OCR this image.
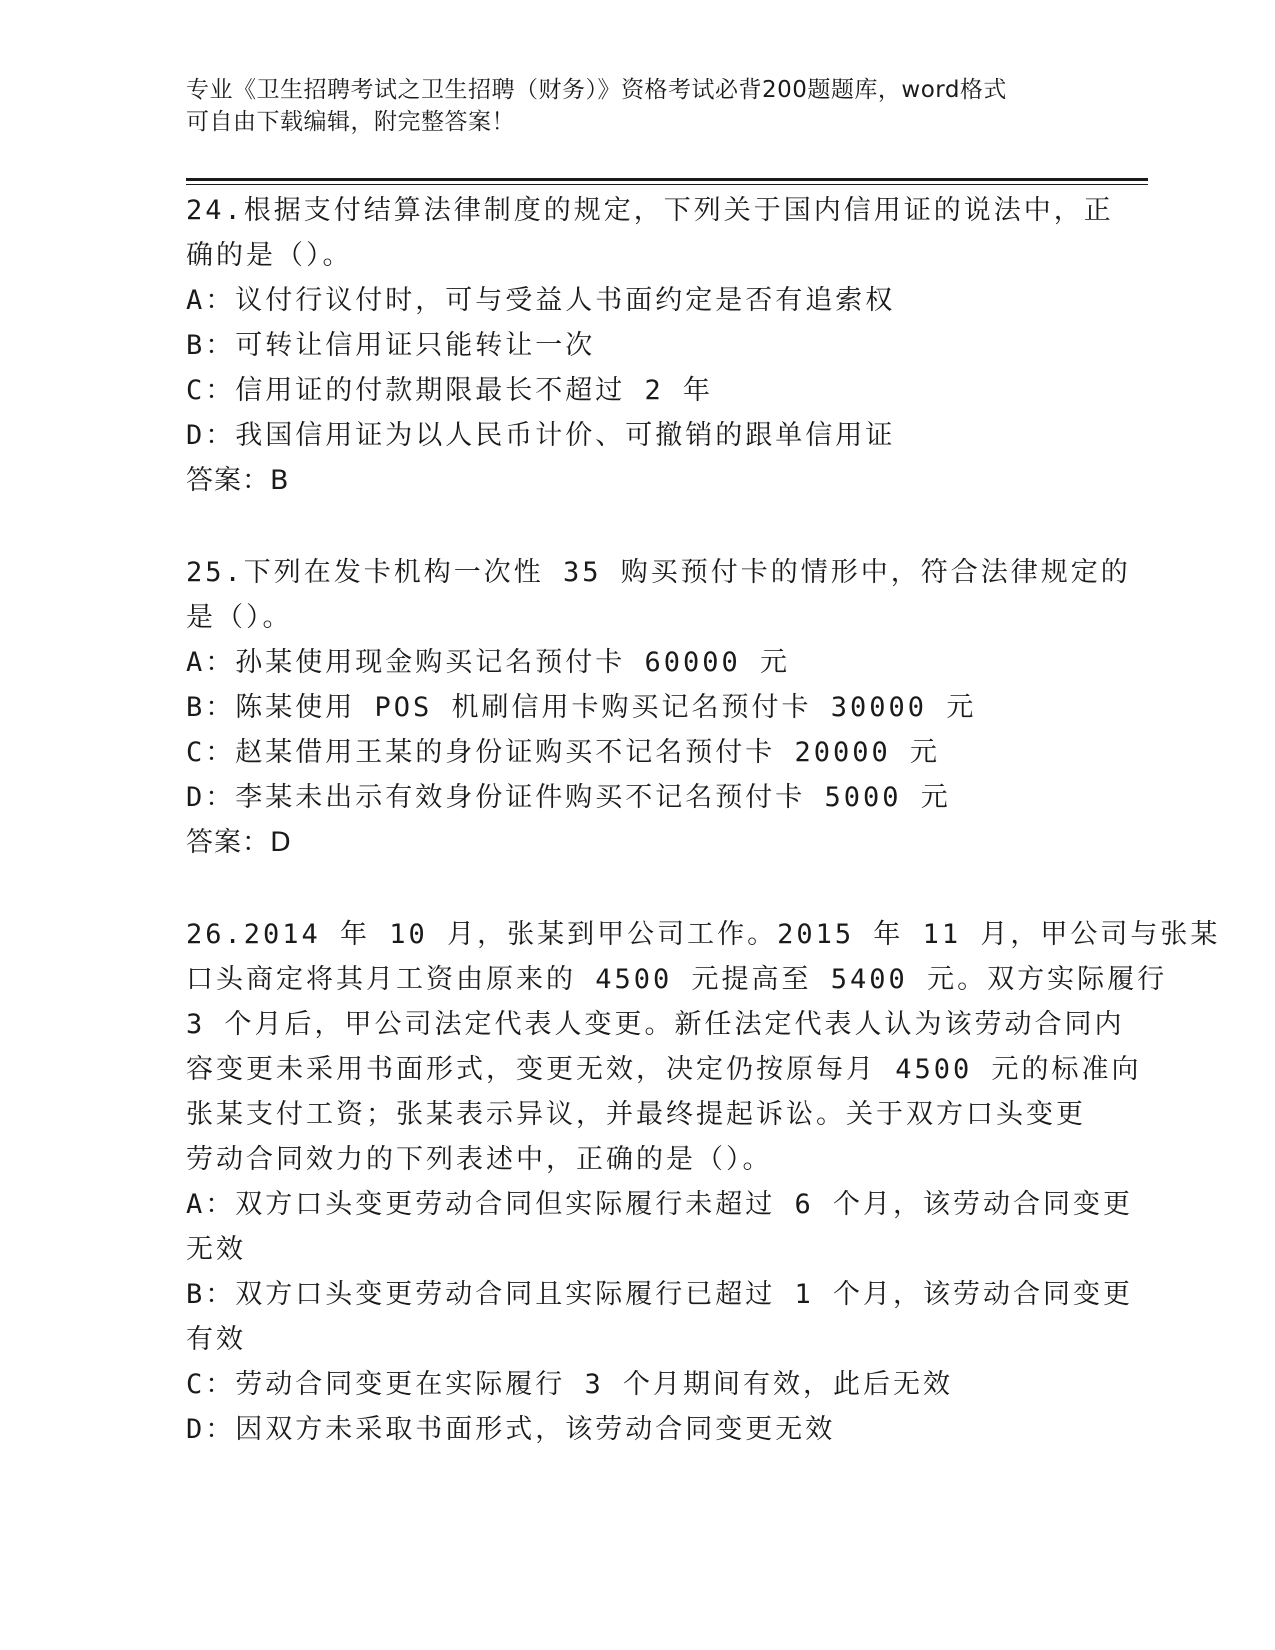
专业《卫生招聘考试之卫生招聘（财务）》资格考试必背200题题库，word格式
可自由下载编辑，附完整答案！
24.根据支付结算法律制度的规定，下列关于国内信用证的说法中，正
确的是（）。
A：议付行议付时，可与受益人书面约定是否有追索权
B：可转让信用证只能转让一次
C：信用证的付款期限最长不超过 2 年
D：我国信用证为以人民币计价、可撤销的跟单信用证
答案：B
25.下列在发卡机构一次性 35 购买预付卡的情形中，符合法律规定的
是（）。
A：孙某使用现金购买记名预付卡 60000 元
B：陈某使用 POS 机刷信用卡购买记名预付卡 30000 元
C：赵某借用王某的身份证购买不记名预付卡 20000 元
D：李某未出示有效身份证件购买不记名预付卡 5000 元
答案：D
26.2014 年 10 月，张某到甲公司工作。2015 年 11 月，甲公司与张某
口头商定将其月工资由原来的 4500 元提高至 5400 元。双方实际履行
3 个月后，甲公司法定代表人变更。新任法定代表人认为该劳动合同内
容变更未采用书面形式，变更无效，决定仍按原每月 4500 元的标准向
张某支付工资；张某表示异议，并最终提起诉讼。关于双方口头变更
劳动合同效力的下列表述中，正确的是（）。
A：双方口头变更劳动合同但实际履行未超过 6 个月，该劳动合同变更
无效
B：双方口头变更劳动合同且实际履行已超过 1 个月，该劳动合同变更
有效
C：劳动合同变更在实际履行 3 个月期间有效，此后无效
D：因双方未采取书面形式，该劳动合同变更无效
